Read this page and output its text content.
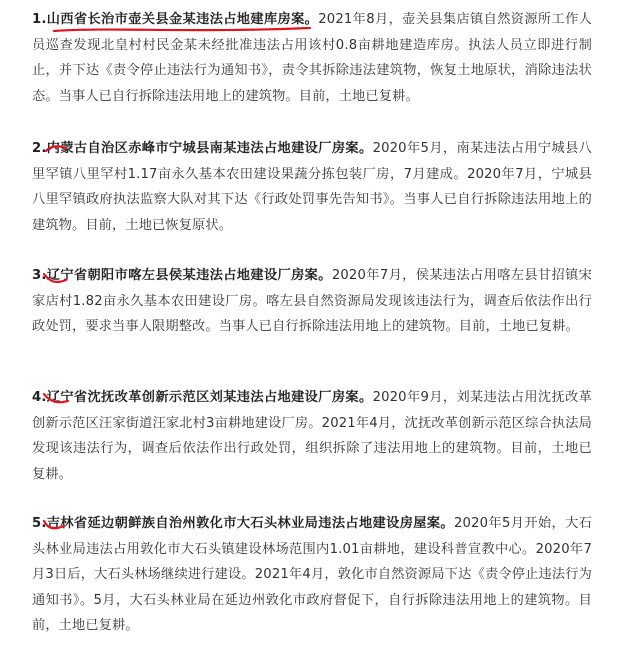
1.山西省长治市壶关县金某违法占地建库房案。2021年8月，壶关县集店镇自然资源所工作人员巡查发现北皇村村民金某未经批准违法占用该村0.8亩耕地建造库房。执法人员立即进行制止，并下达《责令停止违法行为通知书》，责令其拆除违法建筑物，恢复土地原状，消除违法状态。当事人已自行拆除违法用地上的建筑物。目前，土地已复耕。

2.内蒙古自治区赤峰市宁城县南某违法占地建设厂房案。2020年5月，南某违法占用宁城县八里罕镇八里罕村1.17亩永久基本农田建设果蔬分拣包装厂房，7月建成。2020年7月，宁城县八里罕镇政府执法监察大队对其下达《行政处罚事先告知书》。当事人已自行拆除违法用地上的建筑物。目前，土地已恢复原状。

3.辽宁省朝阳市喀左县侯某违法占地建设厂房案。2020年7月，侯某违法占用喀左县甘招镇宋家店村1.82亩永久基本农田建设厂房。喀左县自然资源局发现该违法行为，调查后依法作出行政处罚，要求当事人限期整改。当事人已自行拆除违法用地上的建筑物。目前，土地已复耕。

4.辽宁省沈抚改革创新示范区刘某违法占地建设厂房案。2020年9月，刘某违法占用沈抚改革创新示范区汪家街道汪家北村3亩耕地建设厂房。2021年4月，沈抚改革创新示范区综合执法局发现该违法行为，调查后依法作出行政处罚，组织拆除了违法用地上的建筑物。目前，土地已复耕。

5.吉林省延边朝鲜族自治州敦化市大石头林业局违法占地建设房屋案。2020年5月开始，大石头林业局违法占用敦化市大石头镇建设林场范围内1.01亩耕地，建设科普宣教中心。2020年7月3日后，大石头林场继续进行建设。2021年4月，敦化市自然资源局下达《责令停止违法行为通知书》。5月，大石头林业局在延边州敦化市政府督促下，自行拆除违法用地上的建筑物。目前，土地已复耕。
